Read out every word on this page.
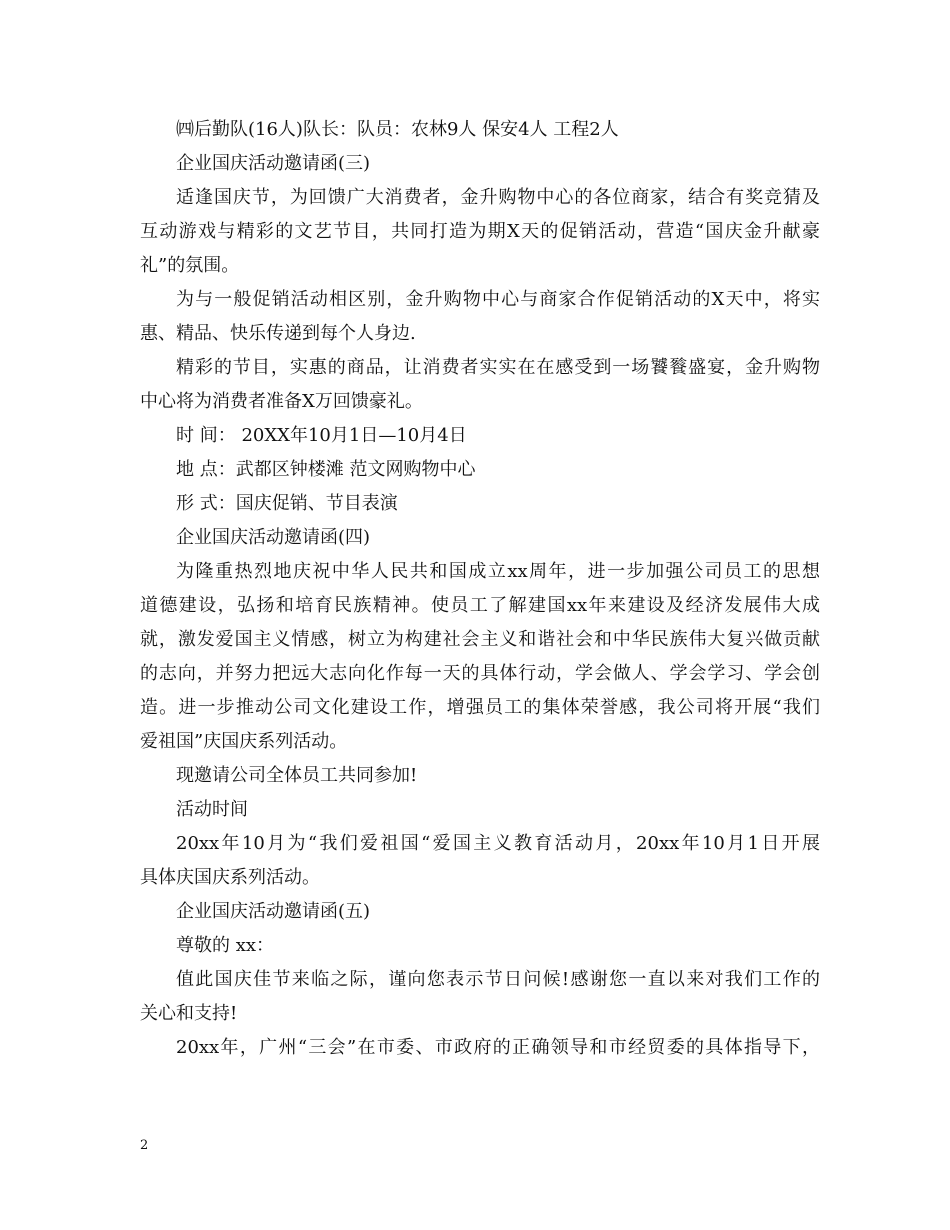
㈣后勤队(16人)队长：队员：农林9人 保安4人 工程2人
企业国庆活动邀请函(三)
适逢国庆节，为回馈广大消费者，金升购物中心的各位商家，结合有奖竞猜及
互动游戏与精彩的文艺节目，共同打造为期X天的促销活动，营造“国庆金升献豪
礼”的氛围。
为与一般促销活动相区别，金升购物中心与商家合作促销活动的X天中，将实
惠、精品、快乐传递到每个人身边.
精彩的节目，实惠的商品，让消费者实实在在感受到一场饕餮盛宴，金升购物
中心将为消费者准备X万回馈豪礼。
时 间： 20XX年10月1日—10月4日
地 点：武都区钟楼滩 范文网购物中心
形 式：国庆促销、节目表演
企业国庆活动邀请函(四)
为隆重热烈地庆祝中华人民共和国成立xx周年，进一步加强公司员工的思想
道德建设，弘扬和培育民族精神。使员工了解建国xx年来建设及经济发展伟大成
就，激发爱国主义情感，树立为构建社会主义和谐社会和中华民族伟大复兴做贡献
的志向，并努力把远大志向化作每一天的具体行动，学会做人、学会学习、学会创
造。进一步推动公司文化建设工作，增强员工的集体荣誉感，我公司将开展“我们
爱祖国”庆国庆系列活动。
现邀请公司全体员工共同参加!
活动时间
20xx年10月为“我们爱祖国“爱国主义教育活动月，20xx年10月1日开展
具体庆国庆系列活动。
企业国庆活动邀请函(五)
尊敬的 xx：
值此国庆佳节来临之际，谨向您表示节日问候!感谢您一直以来对我们工作的
关心和支持!
20xx年，广州“三会”在市委、市政府的正确领导和市经贸委的具体指导下，
2
